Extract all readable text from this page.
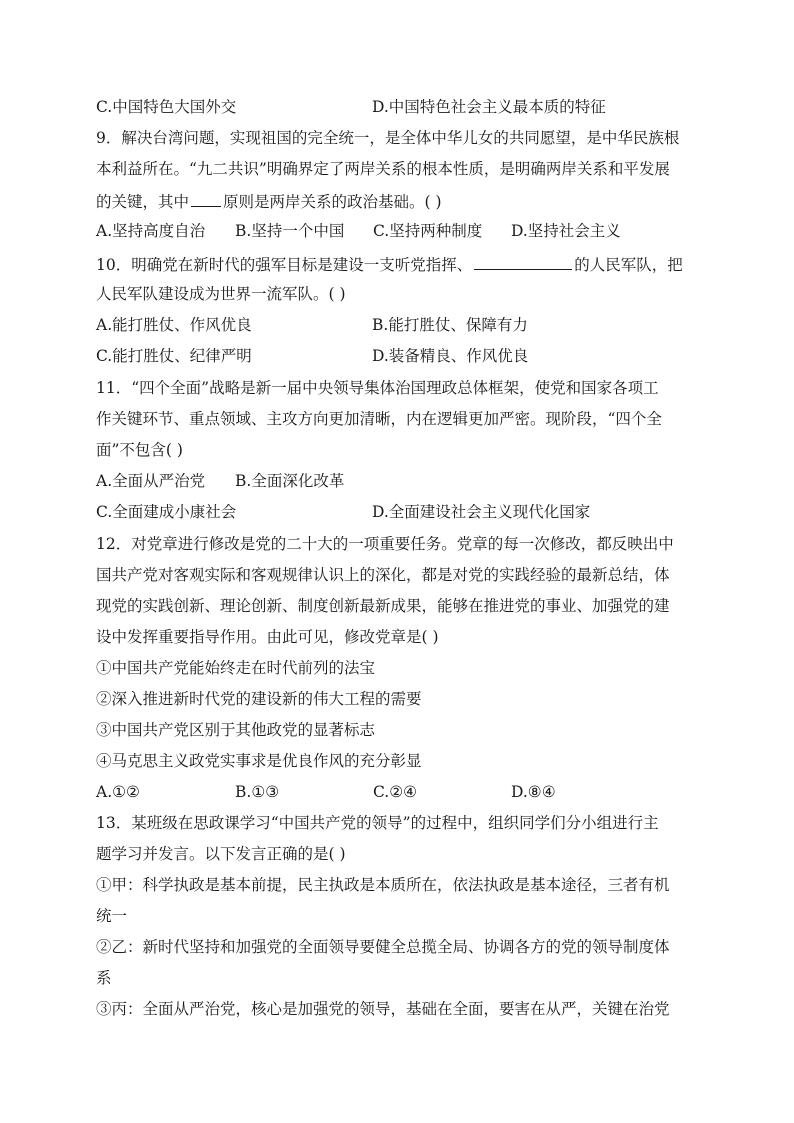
C.中国特色大国外交	D.中国特色社会主义最本质的特征
9．解决台湾问题，实现祖国的完全统一，是全体中华儿女的共同愿望，是中华民族根
本利益所在。“九二共识”明确界定了两岸关系的根本性质，是明确两岸关系和平发展
的关键，其中 原则是两岸关系的政治基础。( )
A.坚持高度自治 B.坚持一个中国 C.坚持两种制度 D.坚持社会主义
10．明确党在新时代的强军目标是建设一支听党指挥、	的人民军队，把
人民军队建设成为世界一流军队。( )
A.能打胜仗、作风优良	B.能打胜仗、保障有力
C.能打胜仗、纪律严明	D.装备精良、作风优良
11．“四个全面”战略是新一届中央领导集体治国理政总体框架，使党和国家各项工
作关键环节、重点领域、主攻方向更加清晰，内在逻辑更加严密。现阶段，“四个全
面”不包含( )
A.全面从严治党 B.全面深化改革
C.全面建成小康社会	D.全面建设社会主义现代化国家
12．对党章进行修改是党的二十大的一项重要任务。党章的每一次修改，都反映出中
国共产党对客观实际和客观规律认识上的深化，都是对党的实践经验的最新总结，体
现党的实践创新、理论创新、制度创新最新成果，能够在推进党的事业、加强党的建
设中发挥重要指导作用。由此可见，修改党章是( )
①中国共产党能始终走在时代前列的法宝
②深入推进新时代党的建设新的伟大工程的需要
③中国共产党区别于其他政党的显著标志
④马克思主义政党实事求是优良作风的充分彰显
A.①②	B.①③	C.②④	D.⑧④
13．某班级在思政课学习“中国共产党的领导”的过程中，组织同学们分小组进行主
题学习并发言。以下发言正确的是( )
①甲：科学执政是基本前提，民主执政是本质所在，依法执政是基本途径，三者有机
统一
②乙：新时代坚持和加强党的全面领导要健全总揽全局、协调各方的党的领导制度体
系
③丙：全面从严治党，核心是加强党的领导，基础在全面，要害在从严，关键在治党
